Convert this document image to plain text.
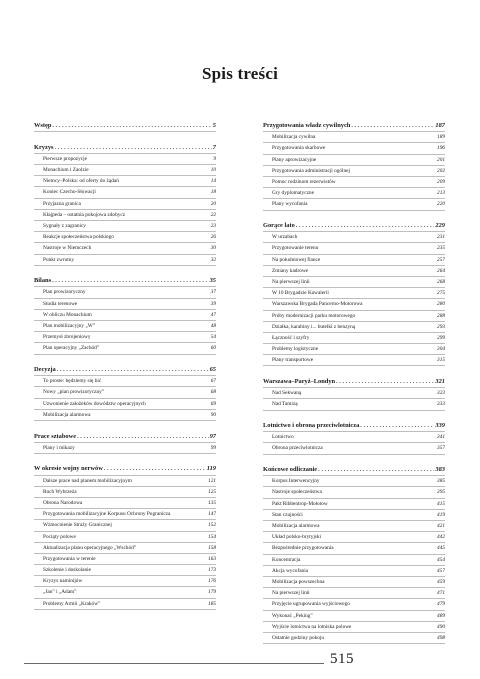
Spis treści
Wstęp . . .	5
Kryzys . . .	7
Pierwsze propozycje	9
Monachium i Zaolzie	10
Niemcy–Polska: od oferty do żądań	14
Koniec Czecho-Słowacji	18
Przyjazna granica	20
Kłajpeda – ostatnia pokojowa zdobycz	22
Sygnały z zagranicy	23
Reakcje społeczeństwa polskiego	26
Nastroje w Niemczech	30
Punkt zwrotny	32
Bilans . . .	35
Plan prowizoryczny	37
Studia terenowe	39
W obliczu Monachium	47
Plan mobilizacyjny „W”	48
Przemysł zbrojeniowy	54
Plan operacyjny „Zachód”	60
Decyzja . . .	65
To proste: będziemy się bić	67
Nowy „plan prowizoryczny”	68
Uzwonienie założeków dowództw operacyjnych	69
Mobilizacja alarmowa	90
Prace sztabowe . . .	97
Plany i mikazy	99
W okresie wojny nerwów . . .	119
Dalsze prace nad planem mobilizacyjnym	121
Ruch Wybrzeża	125
Obrona Narodowa	135
Przygotowania mobilizacyjne Korpusu Ochrony Pogranicza	147
Wzmocnienie Straży Granicznej	152
Pociąty polowe	154
Aktualizacja planu operacyjnego „Wschód”	158
Przygotowania w terenie	163
Szkolenie i doskolanie	173
Kryzys naminijów	176
„Jan” i „Adam”	179
Problemy Armii „Kraków”	185
Przygotowania władz cywilnych . . .	187
Mobilizacja cywilna	189
Przygotowania skarbowe	196
Plany aprowizacyjne	201
Przygotowania administracji ogólnej	202
Pomoc rodzinom rezerwistów	209
Gry dyplomatyczne	213
Plany wycofania	220
Gorące lato . . .	229
W urzabach	231
Przygotowanie terenu	235
Na południowej flance	257
Zmiany kadrowe	264
Na pierwszej linii	268
W 10 Brygadzie Kawalerii	275
Warszawska Brygada Pancerno-Motorowa	280
Próby modernizacji parku motorowego	288
Działka, karabiny i... butelki z benzyną	293
Łączność i szyfry	299
Problemy logistyczne	304
Plany transportowe	315
Warszawa–Paryż–Londyn . . .	321
Nad Sekwaną	323
Nad Tamizą	333
Lotnictwo i obrona przeciwlotnicza . . .	339
Lotnictwo	341
Obrona przeciwlotnicza	357
Końcowe odliczanie . . .	383
Korpus Interwencyjny	385
Nastroje społeczeństwa	395
Pakt Ribbentrop-Mołotow	415
Stan czujności	419
Mobilizacja alarmowa	421
Układ polsko-brytyjski	442
Bezpośrednie przygotowania	445
Koncentracja	454
Akcja wycofania	457
Mobilizacja powszechna	459
Na pierwszej linii	471
Przyjęcie ugrupowania wyjściowego	479
Wykonać „Peking”	489
Wyjście lotnictwa na lotniska polowe	490
Ostatnie godziny pokoju	498
515
